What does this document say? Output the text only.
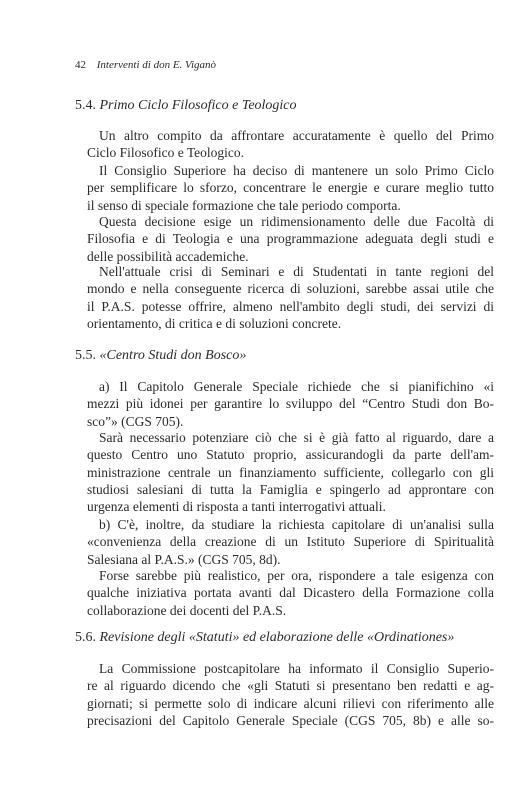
42 Interventi di don E. Viganò
5.4. Primo Ciclo Filosofico e Teologico
Un altro compito da affrontare accuratamente è quello del Primo
Ciclo Filosofico e Teologico.
Il Consiglio Superiore ha deciso di mantenere un solo Primo Ciclo
per semplificare lo sforzo, concentrare le energie e curare meglio tutto
il senso di speciale formazione che tale periodo comporta.
Questa decisione esige un ridimensionamento delle due Facoltà di
Filosofia e di Teologia e una programmazione adeguata degli studi e
delle possibilità accademiche.
Nell'attuale crisi di Seminari e di Studentati in tante regioni del
mondo e nella conseguente ricerca di soluzioni, sarebbe assai utile che
il P.A.S. potesse offrire, almeno nell'ambito degli studi, dei servizi di
orientamento, di critica e di soluzioni concrete.
5.5. «Centro Studi don Bosco»
a) Il Capitolo Generale Speciale richiede che si pianifichino «i
mezzi più idonei per garantire lo sviluppo del “Centro Studi don Bo-
sco”» (CGS 705).
Sarà necessario potenziare ciò che si è già fatto al riguardo, dare a
questo Centro uno Statuto proprio, assicurandogli da parte dell'am-
ministrazione centrale un finanziamento sufficiente, collegarlo con gli
studiosi salesiani di tutta la Famiglia e spingerlo ad approntare con
urgenza elementi di risposta a tanti interrogativi attuali.
b) C'è, inoltre, da studiare la richiesta capitolare di un'analisi sulla
«convenienza della creazione di un Istituto Superiore di Spiritualità
Salesiana al P.A.S.» (CGS 705, 8d).
Forse sarebbe più realistico, per ora, rispondere a tale esigenza con
qualche iniziativa portata avanti dal Dicastero della Formazione colla
collaborazione dei docenti del P.A.S.
5.6. Revisione degli «Statuti» ed elaborazione delle «Ordinationes»
La Commissione postcapitolare ha informato il Consiglio Superio-
re al riguardo dicendo che «gli Statuti si presentano ben redatti e ag-
giornati; si permette solo di indicare alcuni rilievi con riferimento alle
precisazioni del Capitolo Generale Speciale (CGS 705, 8b) e alle so-
